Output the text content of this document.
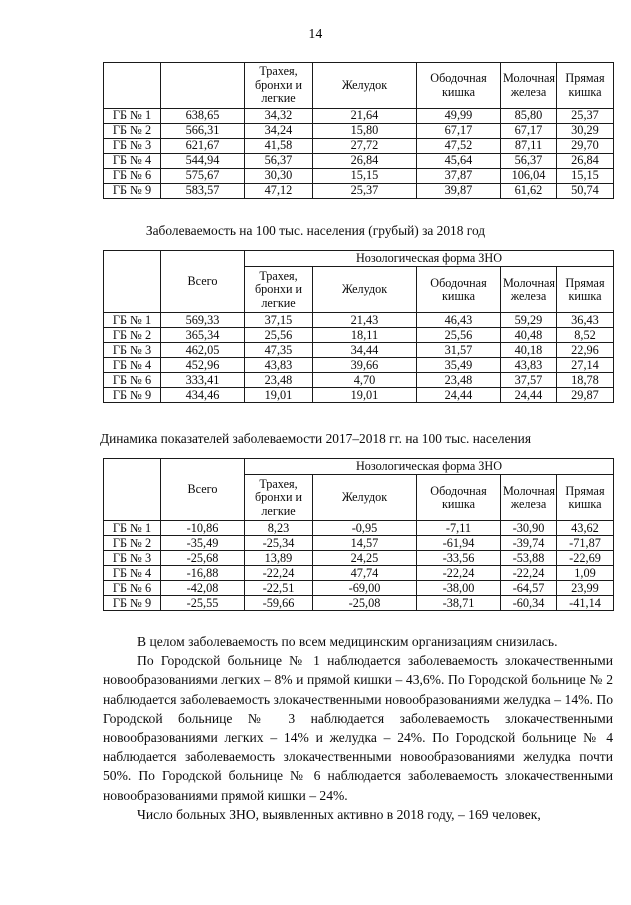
14
		Трахея, бронхи и легкие	Желудок	Ободочная кишка	Молочная железа	Прямая кишка
ГБ № 1	638,65	34,32	21,64	49,99	85,80	25,37
ГБ № 2	566,31	34,24	15,80	67,17	67,17	30,29
ГБ № 3	621,67	41,58	27,72	47,52	87,11	29,70
ГБ № 4	544,94	56,37	26,84	45,64	56,37	26,84
ГБ № 6	575,67	30,30	15,15	37,87	106,04	15,15
ГБ № 9	583,57	47,12	25,37	39,87	61,62	50,74
Заболеваемость на 100 тыс. населения (грубый) за 2018 год
	Всего	Нозологическая форма ЗНО				
		Трахея, бронхи и легкие	Желудок	Ободочная кишка	Молочная железа	Прямая кишка
ГБ № 1	569,33	37,15	21,43	46,43	59,29	36,43
ГБ № 2	365,34	25,56	18,11	25,56	40,48	8,52
ГБ № 3	462,05	47,35	34,44	31,57	40,18	22,96
ГБ № 4	452,96	43,83	39,66	35,49	43,83	27,14
ГБ № 6	333,41	23,48	4,70	23,48	37,57	18,78
ГБ № 9	434,46	19,01	19,01	24,44	24,44	29,87
Динамика показателей заболеваемости 2017–2018 гг. на 100 тыс. населения
	Всего	Нозологическая форма ЗНО				
		Трахея, бронхи и легкие	Желудок	Ободочная кишка	Молочная железа	Прямая кишка
ГБ № 1	-10,86	8,23	-0,95	-7,11	-30,90	43,62
ГБ № 2	-35,49	-25,34	14,57	-61,94	-39,74	-71,87
ГБ № 3	-25,68	13,89	24,25	-33,56	-53,88	-22,69
ГБ № 4	-16,88	-22,24	47,74	-22,24	-22,24	1,09
ГБ № 6	-42,08	-22,51	-69,00	-38,00	-64,57	23,99
ГБ № 9	-25,55	-59,66	-25,08	-38,71	-60,34	-41,14

В целом заболеваемость по всем медицинским организациям снизилась.

По Городской больнице № 1 наблюдается заболеваемость злокачественными новообразованиями легких – 8% и прямой кишки – 43,6%. По Городской больнице № 2 наблюдается заболеваемость злокачественными новообразованиями желудка – 14%. По Городской больнице № 3 наблюдается заболеваемость злокачественными новообразованиями легких – 14% и желудка – 24%. По Городской больнице № 4 наблюдается заболеваемость злокачественными новообразованиями желудка почти 50%. По Городской больнице № 6 наблюдается заболеваемость злокачественными новообразованиями прямой кишки – 24%.

Число больных ЗНО, выявленных активно в 2018 году, – 169 человек,
